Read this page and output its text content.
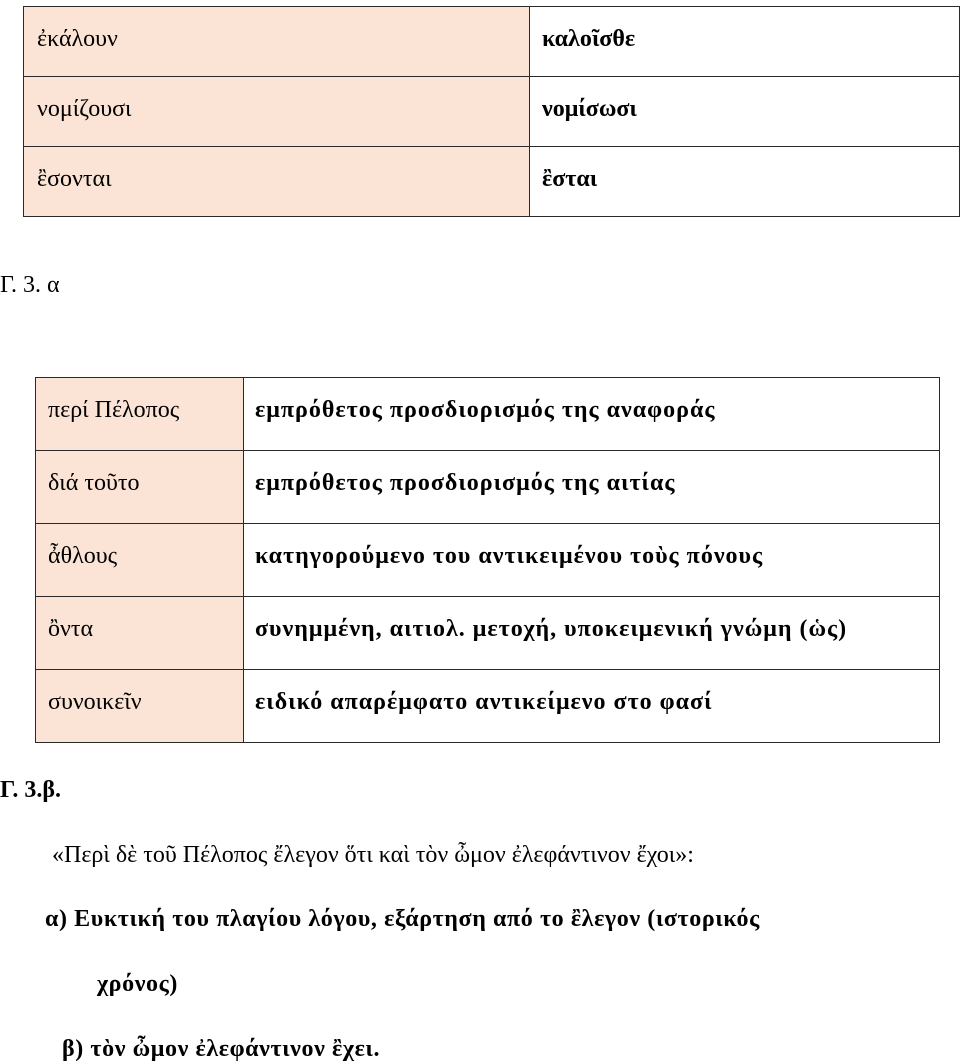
ἐκάλουν	καλοῖσθε
νομίζουσι	νομίσωσι
ἒσονται	ἒσται
Γ. 3. α
περί Πέλοπος	εμπρόθετος προσδιορισμός της αναφοράς
διά τοῦτο	εμπρόθετος προσδιορισμός της αιτίας
ἆθλους	κατηγορούμενο του αντικειμένου τοὺς πόνους
ὂντα	συνημμένη, αιτιολ. μετοχή, υποκειμενική γνώμη (ὡς)
συνοικεῖν	ειδικό απαρέμφατο αντικείμενο στο φασί
Γ. 3.β.
«Περὶ δὲ τοῦ Πέλοπος ἔλεγον ὅτι καὶ τὸν ὦμον ἐλεφάντινον ἔχοι»:
α) Ευκτική του πλαγίου λόγου, εξάρτηση από το ἒλεγον (ιστορικός
χρόνος)
β) τὸν ὦμον ἐλεφάντινον ἒχει.
